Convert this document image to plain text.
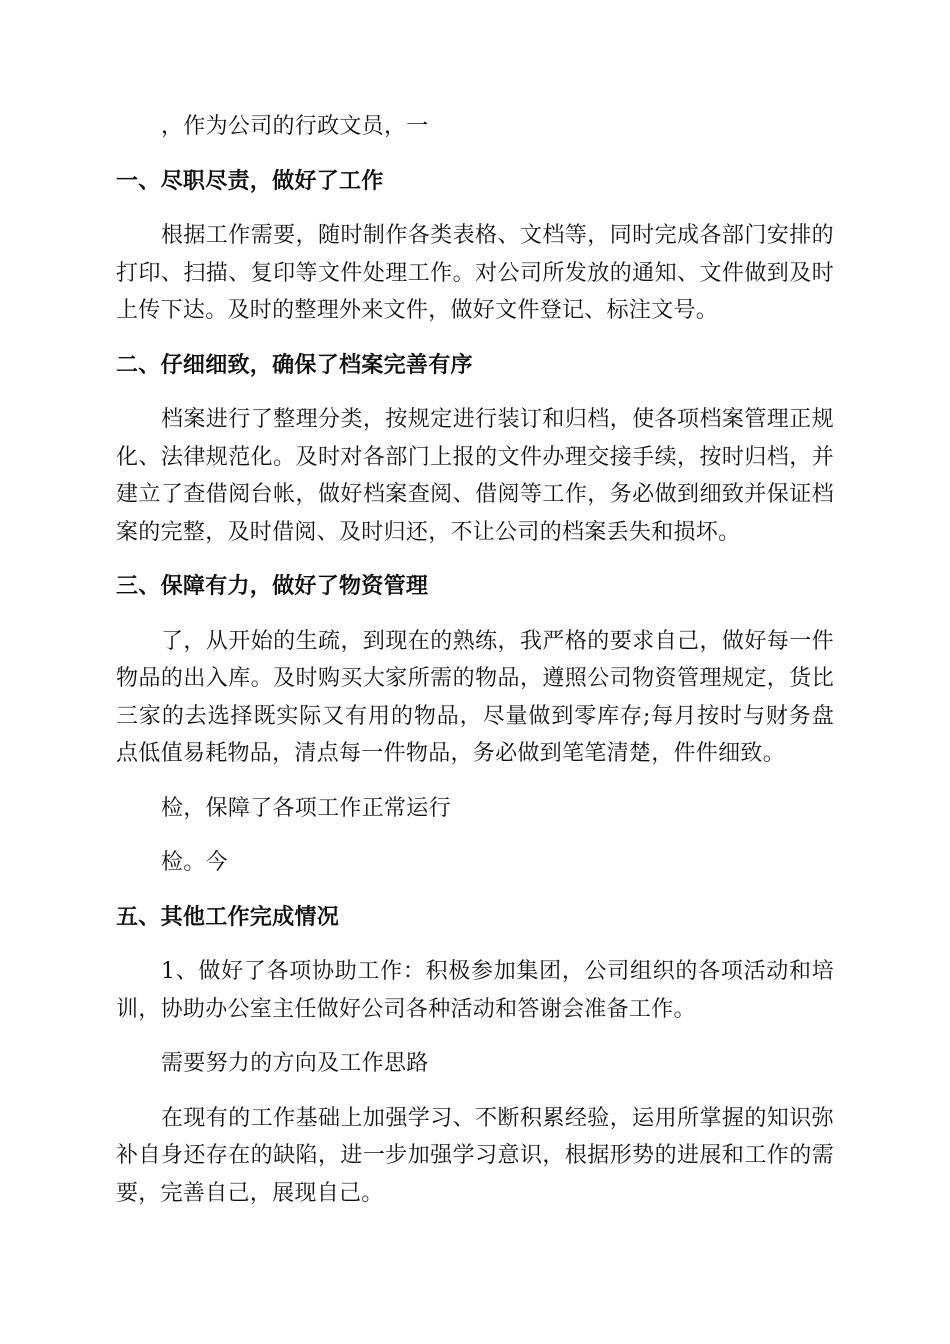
，作为公司的行政文员，一

一、尽职尽责，做好了工作

根据工作需要，随时制作各类表格、文档等，同时完成各部门安排的打印、扫描、复印等文件处理工作。对公司所发放的通知、文件做到及时上传下达。及时的整理外来文件，做好文件登记、标注文号。

二、仔细细致，确保了档案完善有序

档案进行了整理分类，按规定进行装订和归档，使各项档案管理正规化、法律规范化。及时对各部门上报的文件办理交接手续，按时归档，并建立了查借阅台帐，做好档案查阅、借阅等工作，务必做到细致并保证档案的完整，及时借阅、及时归还，不让公司的档案丢失和损坏。

三、保障有力，做好了物资管理

了，从开始的生疏，到现在的熟练，我严格的要求自己，做好每一件物品的出入库。及时购买大家所需的物品，遵照公司物资管理规定，货比三家的去选择既实际又有用的物品，尽量做到零库存;每月按时与财务盘点低值易耗物品，清点每一件物品，务必做到笔笔清楚，件件细致。

检，保障了各项工作正常运行

检。今

五、其他工作完成情况

1、做好了各项协助工作：积极参加集团，公司组织的各项活动和培训，协助办公室主任做好公司各种活动和答谢会准备工作。

需要努力的方向及工作思路

在现有的工作基础上加强学习、不断积累经验，运用所掌握的知识弥补自身还存在的缺陷，进一步加强学习意识，根据形势的进展和工作的需要，完善自己，展现自己。
